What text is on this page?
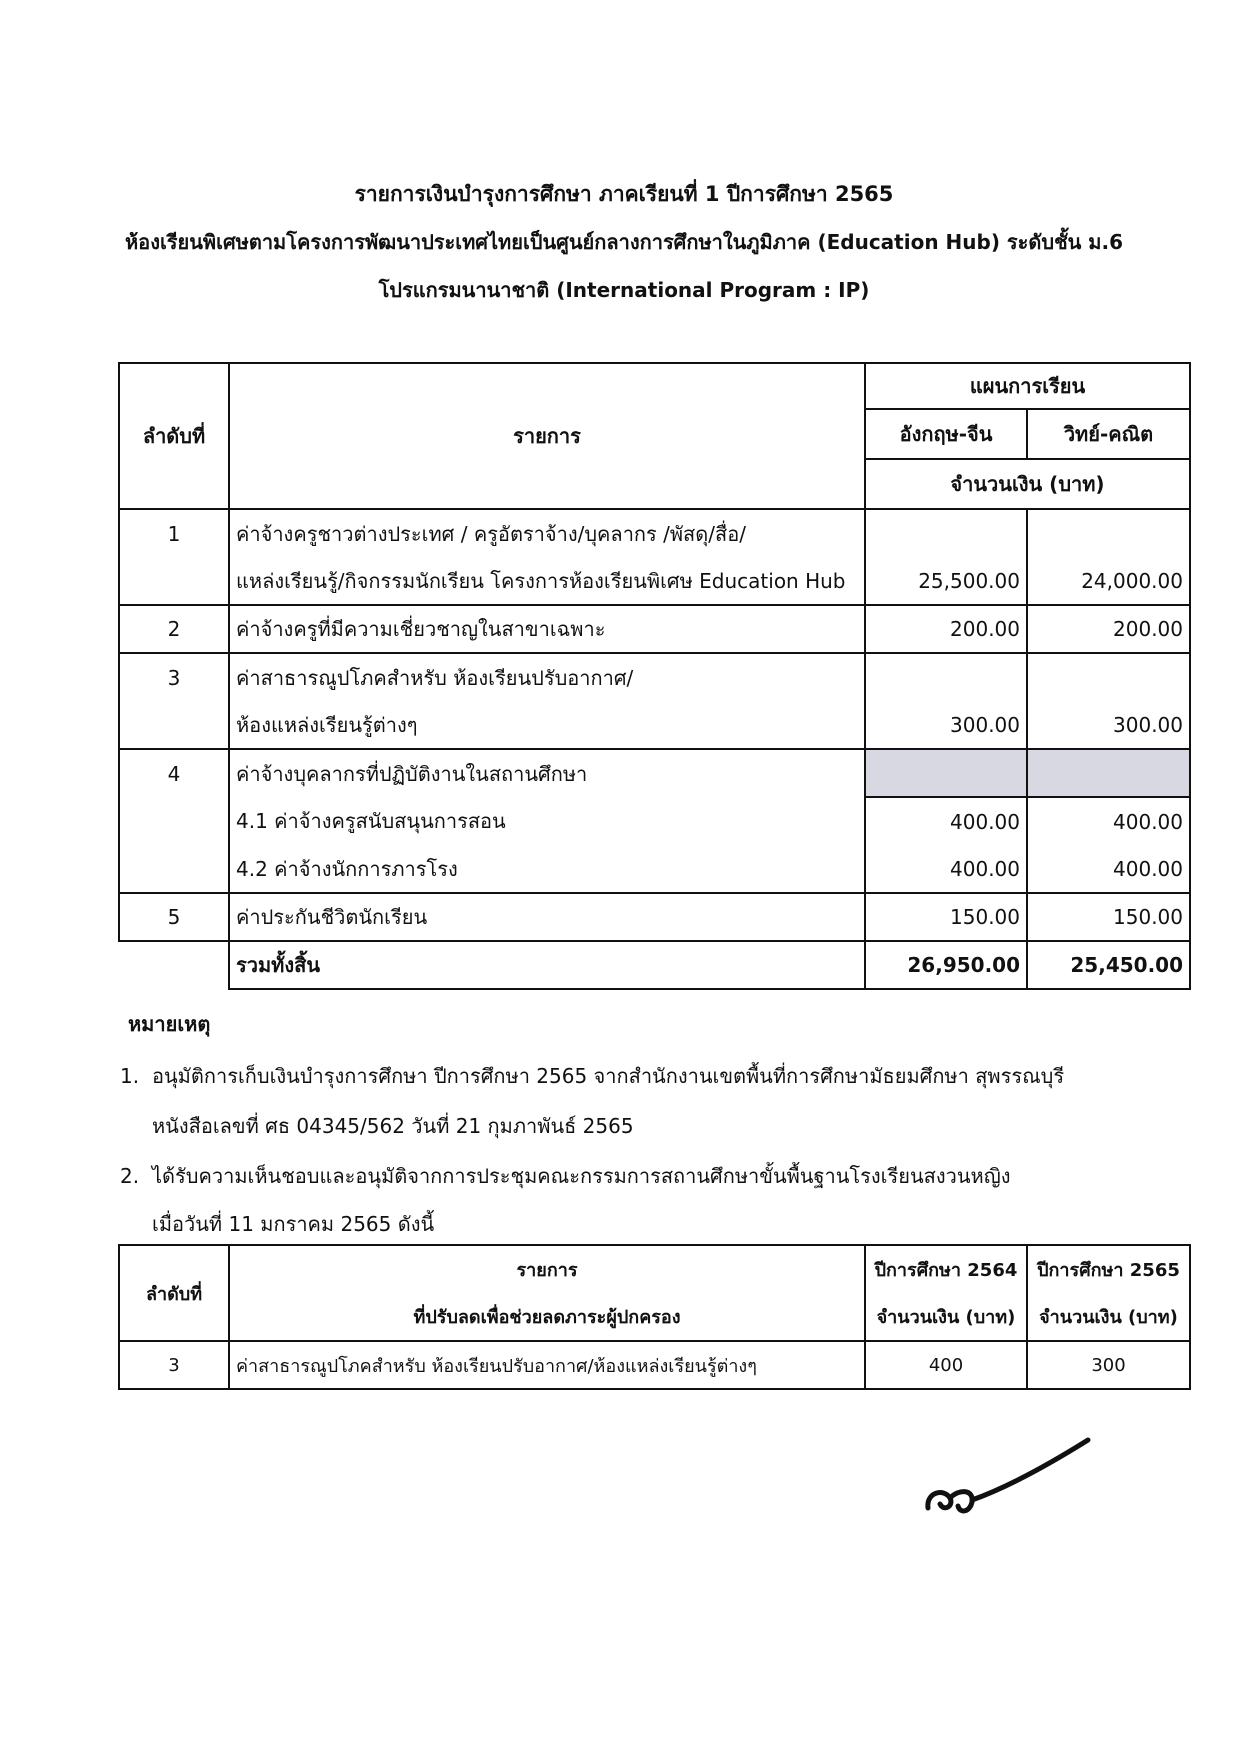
รายการเงินบำรุงการศึกษา ภาคเรียนที่ 1 ปีการศึกษา 2565
ห้องเรียนพิเศษตามโครงการพัฒนาประเทศไทยเป็นศูนย์กลางการศึกษาในภูมิภาค (Education Hub) ระดับชั้น ม.6
โปรแกรมนานาชาติ (International Program : IP)
ลำดับที่	รายการ	แผนการเรียน	
		อังกฤษ-จีน	วิทย์-คณิต
		จำนวนเงิน (บาท)	
1	ค่าจ้างครูชาวต่างประเทศ / ครูอัตราจ้าง/บุคลากร /พัสดุ/สื่อ/		
	แหล่งเรียนรู้/กิจกรรมนักเรียน โครงการห้องเรียนพิเศษ Education Hub	25,500.00	24,000.00
2	ค่าจ้างครูที่มีความเชี่ยวชาญในสาขาเฉพาะ	200.00	200.00
3	ค่าสาธารณูปโภคสำหรับ ห้องเรียนปรับอากาศ/		
	ห้องแหล่งเรียนรู้ต่างๆ	300.00	300.00
4	ค่าจ้างบุคลากรที่ปฏิบัติงานในสถานศึกษา		
	4.1 ค่าจ้างครูสนับสนุนการสอน	400.00	400.00
	4.2 ค่าจ้างนักการภารโรง	400.00	400.00
5	ค่าประกันชีวิตนักเรียน	150.00	150.00
	รวมทั้งสิ้น	26,950.00	25,450.00
หมายเหตุ
1. อนุมัติการเก็บเงินบำรุงการศึกษา ปีการศึกษา 2565 จากสำนักงานเขตพื้นที่การศึกษามัธยมศึกษา สุพรรณบุรี
หนังสือเลขที่ ศธ 04345/562 วันที่ 21 กุมภาพันธ์ 2565
2. ได้รับความเห็นชอบและอนุมัติจากการประชุมคณะกรรมการสถานศึกษาขั้นพื้นฐานโรงเรียนสงวนหญิง
เมื่อวันที่ 11 มกราคม 2565 ดังนี้
ลำดับที่	รายการ	ปีการศึกษา 2564	ปีการศึกษา 2565
	ที่ปรับลดเพื่อช่วยลดภาระผู้ปกครอง	จำนวนเงิน (บาท)	จำนวนเงิน (บาท)
3	ค่าสาธารณูปโภคสำหรับ ห้องเรียนปรับอากาศ/ห้องแหล่งเรียนรู้ต่างๆ	400	300
